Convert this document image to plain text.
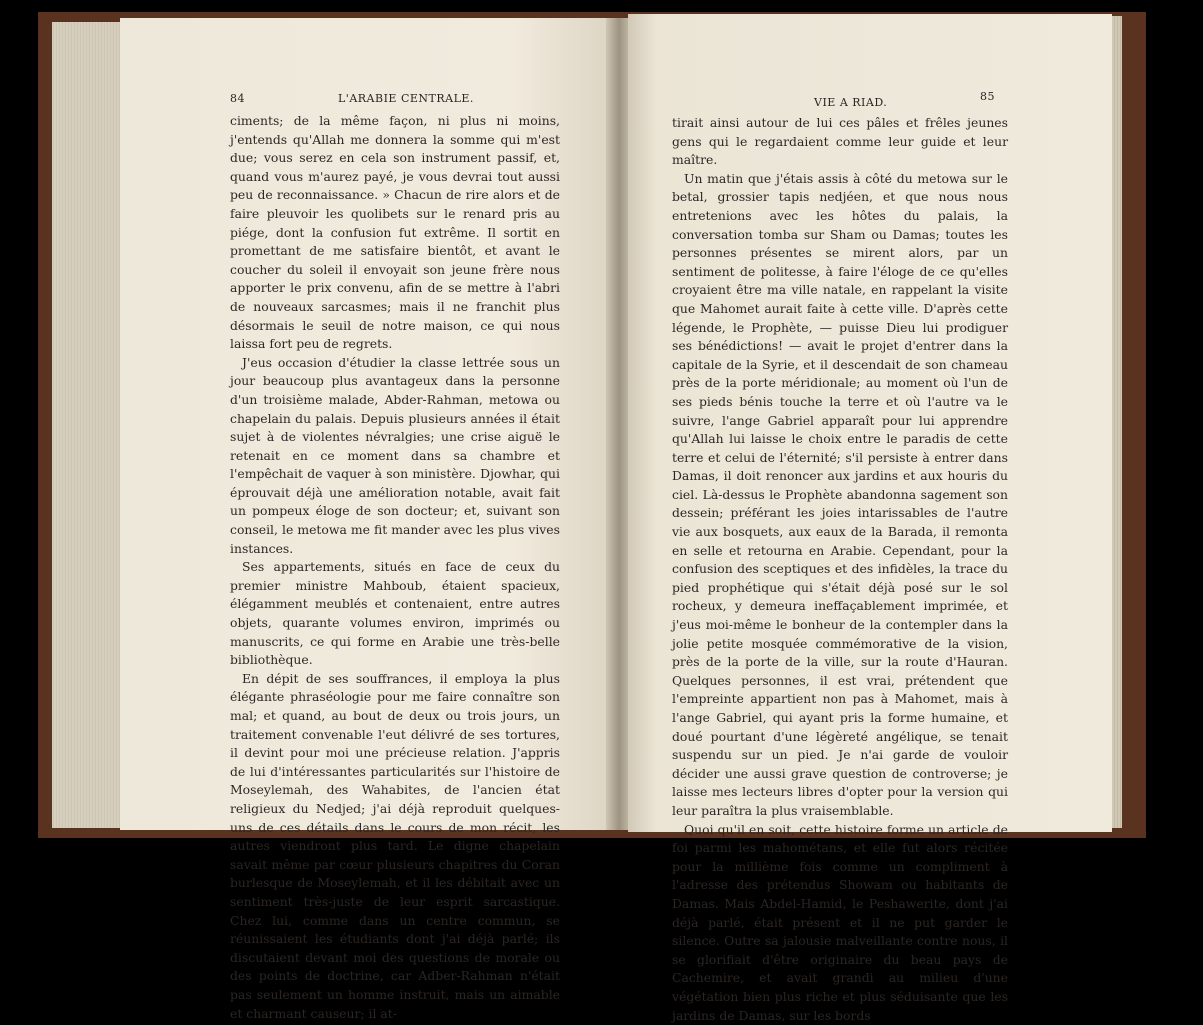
84	L'ARABIE CENTRALE.

ciments; de la même façon, ni plus ni moins, j'entends qu'Allah me donnera la somme qui m'est due; vous serez en cela son instrument passif, et, quand vous m'aurez payé, je vous devrai tout aussi peu de reconnaissance. » Chacun de rire alors et de faire pleuvoir les quolibets sur le renard pris au piége, dont la confusion fut extrême. Il sortit en promettant de me satisfaire bientôt, et avant le coucher du soleil il envoyait son jeune frère nous apporter le prix convenu, afin de se mettre à l'abri de nouveaux sarcasmes; mais il ne franchit plus désormais le seuil de notre maison, ce qui nous laissa fort peu de regrets.

J'eus occasion d'étudier la classe lettrée sous un jour beaucoup plus avantageux dans la personne d'un troisième malade, Abder-Rahman, metowa ou chapelain du palais. Depuis plusieurs années il était sujet à de violentes névralgies; une crise aiguë le retenait en ce moment dans sa chambre et l'empêchait de vaquer à son ministère. Djowhar, qui éprouvait déjà une amélioration notable, avait fait un pompeux éloge de son docteur; et, suivant son conseil, le metowa me fit mander avec les plus vives instances.

Ses appartements, situés en face de ceux du premier ministre Mahboub, étaient spacieux, élégamment meublés et contenaient, entre autres objets, quarante volumes environ, imprimés ou manuscrits, ce qui forme en Arabie une très-belle bibliothèque.

En dépit de ses souffrances, il employa la plus élégante phraséologie pour me faire connaître son mal; et quand, au bout de deux ou trois jours, un traitement convenable l'eut délivré de ses tortures, il devint pour moi une précieuse relation. J'appris de lui d'intéressantes particularités sur l'histoire de Moseylemah, des Wahabites, de l'ancien état religieux du Nedjed; j'ai déjà reproduit quelques-uns de ces détails dans le cours de mon récit, les autres viendront plus tard. Le digne chapelain savait même par cœur plusieurs chapitres du Coran burlesque de Moseylemah, et il les débitait avec un sentiment très-juste de leur esprit sarcastique. Chez lui, comme dans un centre commun, se réunissaient les étudiants dont j'ai déjà parlé; ils discutaient devant moi des questions de morale ou des points de doctrine, car Adber-Rahman n'était pas seulement un homme instruit, mais un aimable et charmant causeur; il at-

VIE A RIAD.	85

tirait ainsi autour de lui ces pâles et frêles jeunes gens qui le regardaient comme leur guide et leur maître.

Un matin que j'étais assis à côté du metowa sur le betal, grossier tapis nedjéen, et que nous nous entretenions avec les hôtes du palais, la conversation tomba sur Sham ou Damas; toutes les personnes présentes se mirent alors, par un sentiment de politesse, à faire l'éloge de ce qu'elles croyaient être ma ville natale, en rappelant la visite que Mahomet aurait faite à cette ville. D'après cette légende, le Prophète, — puisse Dieu lui prodiguer ses bénédictions! — avait le projet d'entrer dans la capitale de la Syrie, et il descendait de son chameau près de la porte méridionale; au moment où l'un de ses pieds bénis touche la terre et où l'autre va le suivre, l'ange Gabriel apparaît pour lui apprendre qu'Allah lui laisse le choix entre le paradis de cette terre et celui de l'éternité; s'il persiste à entrer dans Damas, il doit renoncer aux jardins et aux houris du ciel. Là-dessus le Prophète abandonna sagement son dessein; préférant les joies intarissables de l'autre vie aux bosquets, aux eaux de la Barada, il remonta en selle et retourna en Arabie. Cependant, pour la confusion des sceptiques et des infidèles, la trace du pied prophétique qui s'était déjà posé sur le sol rocheux, y demeura ineffaçablement imprimée, et j'eus moi-même le bonheur de la contempler dans la jolie petite mosquée commémorative de la vision, près de la porte de la ville, sur la route d'Hauran. Quelques personnes, il est vrai, prétendent que l'empreinte appartient non pas à Mahomet, mais à l'ange Gabriel, qui ayant pris la forme humaine, et doué pourtant d'une légèreté angélique, se tenait suspendu sur un pied. Je n'ai garde de vouloir décider une aussi grave question de controverse; je laisse mes lecteurs libres d'opter pour la version qui leur paraîtra la plus vraisemblable.

Quoi qu'il en soit, cette histoire forme un article de foi parmi les mahométans, et elle fut alors récitée pour la millième fois comme un compliment à l'adresse des prétendus Showam ou habitants de Damas. Mais Abdel-Hamid, le Peshawerite, dont j'ai déjà parlé, était présent et il ne put garder le silence. Outre sa jalousie malveillante contre nous, il se glorifiait d'être originaire du beau pays de Cachemire, et avait grandi au milieu d'une végétation bien plus riche et plus séduisante que les jardins de Damas, sur les bords
